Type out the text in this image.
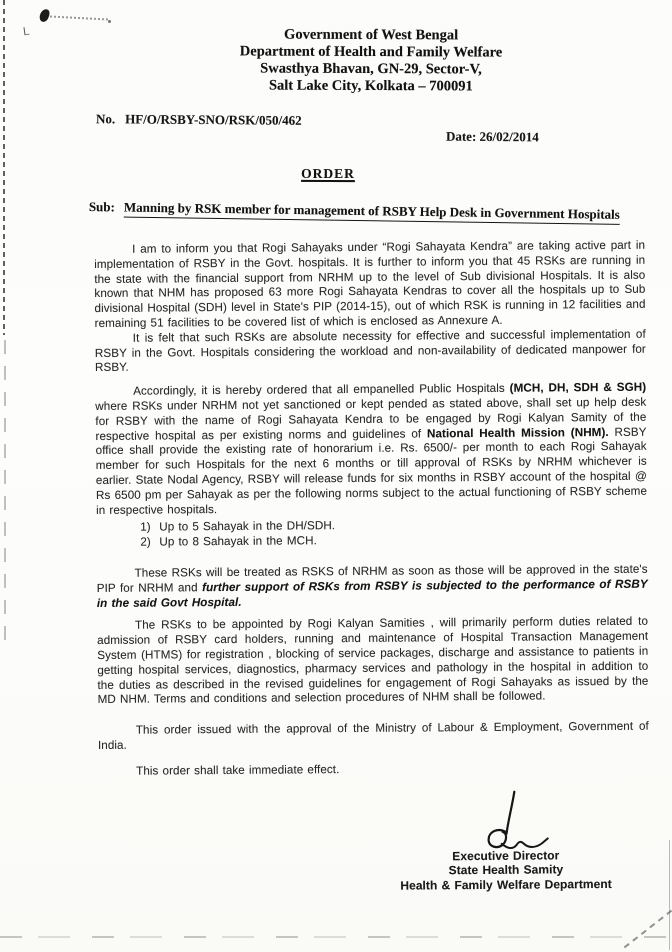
Government of West Bengal
Department of Health and Family Welfare
Swasthya Bhavan, GN-29, Sector-V,
Salt Lake City, Kolkata – 700091
No. HF/O/RSBY-SNO/RSK/050/462
Date: 26/02/2014
ORDER
Sub: Manning by RSK member for management of RSBY Help Desk in Government Hospitals

I am to inform you that Rogi Sahayaks under “Rogi Sahayata Kendra” are taking active part in implementation of RSBY in the Govt. hospitals. It is further to inform you that 45 RSKs are running in the state with the financial support from NRHM up to the level of Sub divisional Hospitals. It is also known that NHM has proposed 63 more Rogi Sahayata Kendras to cover all the hospitals up to Sub divisional Hospital (SDH) level in State's PIP (2014-15), out of which RSK is running in 12 facilities and remaining 51 facilities to be covered list of which is enclosed as Annexure A.

It is felt that such RSKs are absolute necessity for effective and successful implementation of RSBY in the Govt. Hospitals considering the workload and non-availability of dedicated manpower for RSBY.

Accordingly, it is hereby ordered that all empanelled Public Hospitals (MCH, DH, SDH & SGH) where RSKs under NRHM not yet sanctioned or kept pended as stated above, shall set up help desk for RSBY with the name of Rogi Sahayata Kendra to be engaged by Rogi Kalyan Samity of the respective hospital as per existing norms and guidelines of National Health Mission (NHM). RSBY office shall provide the existing rate of honorarium i.e. Rs. 6500/- per month to each Rogi Sahayak member for such Hospitals for the next 6 months or till approval of RSKs by NRHM whichever is earlier. State Nodal Agency, RSBY will release funds for six months in RSBY account of the hospital @ Rs 6500 pm per Sahayak as per the following norms subject to the actual functioning of RSBY scheme in respective hospitals.

1) Up to 5 Sahayak in the DH/SDH.
2) Up to 8 Sahayak in the MCH.

These RSKs will be treated as RSKS of NRHM as soon as those will be approved in the state's PIP for NRHM and further support of RSKs from RSBY is subjected to the performance of RSBY in the said Govt Hospital.

The RSKs to be appointed by Rogi Kalyan Samities , will primarily perform duties related to admission of RSBY card holders, running and maintenance of Hospital Transaction Management System (HTMS) for registration , blocking of service packages, discharge and assistance to patients in getting hospital services, diagnostics, pharmacy services and pathology in the hospital in addition to the duties as described in the revised guidelines for engagement of Rogi Sahayaks as issued by the MD NHM. Terms and conditions and selection procedures of NHM shall be followed.

This order issued with the approval of the Ministry of Labour & Employment, Government of India.

This order shall take immediate effect.

Executive Director
State Health Samity
Health & Family Welfare Department
